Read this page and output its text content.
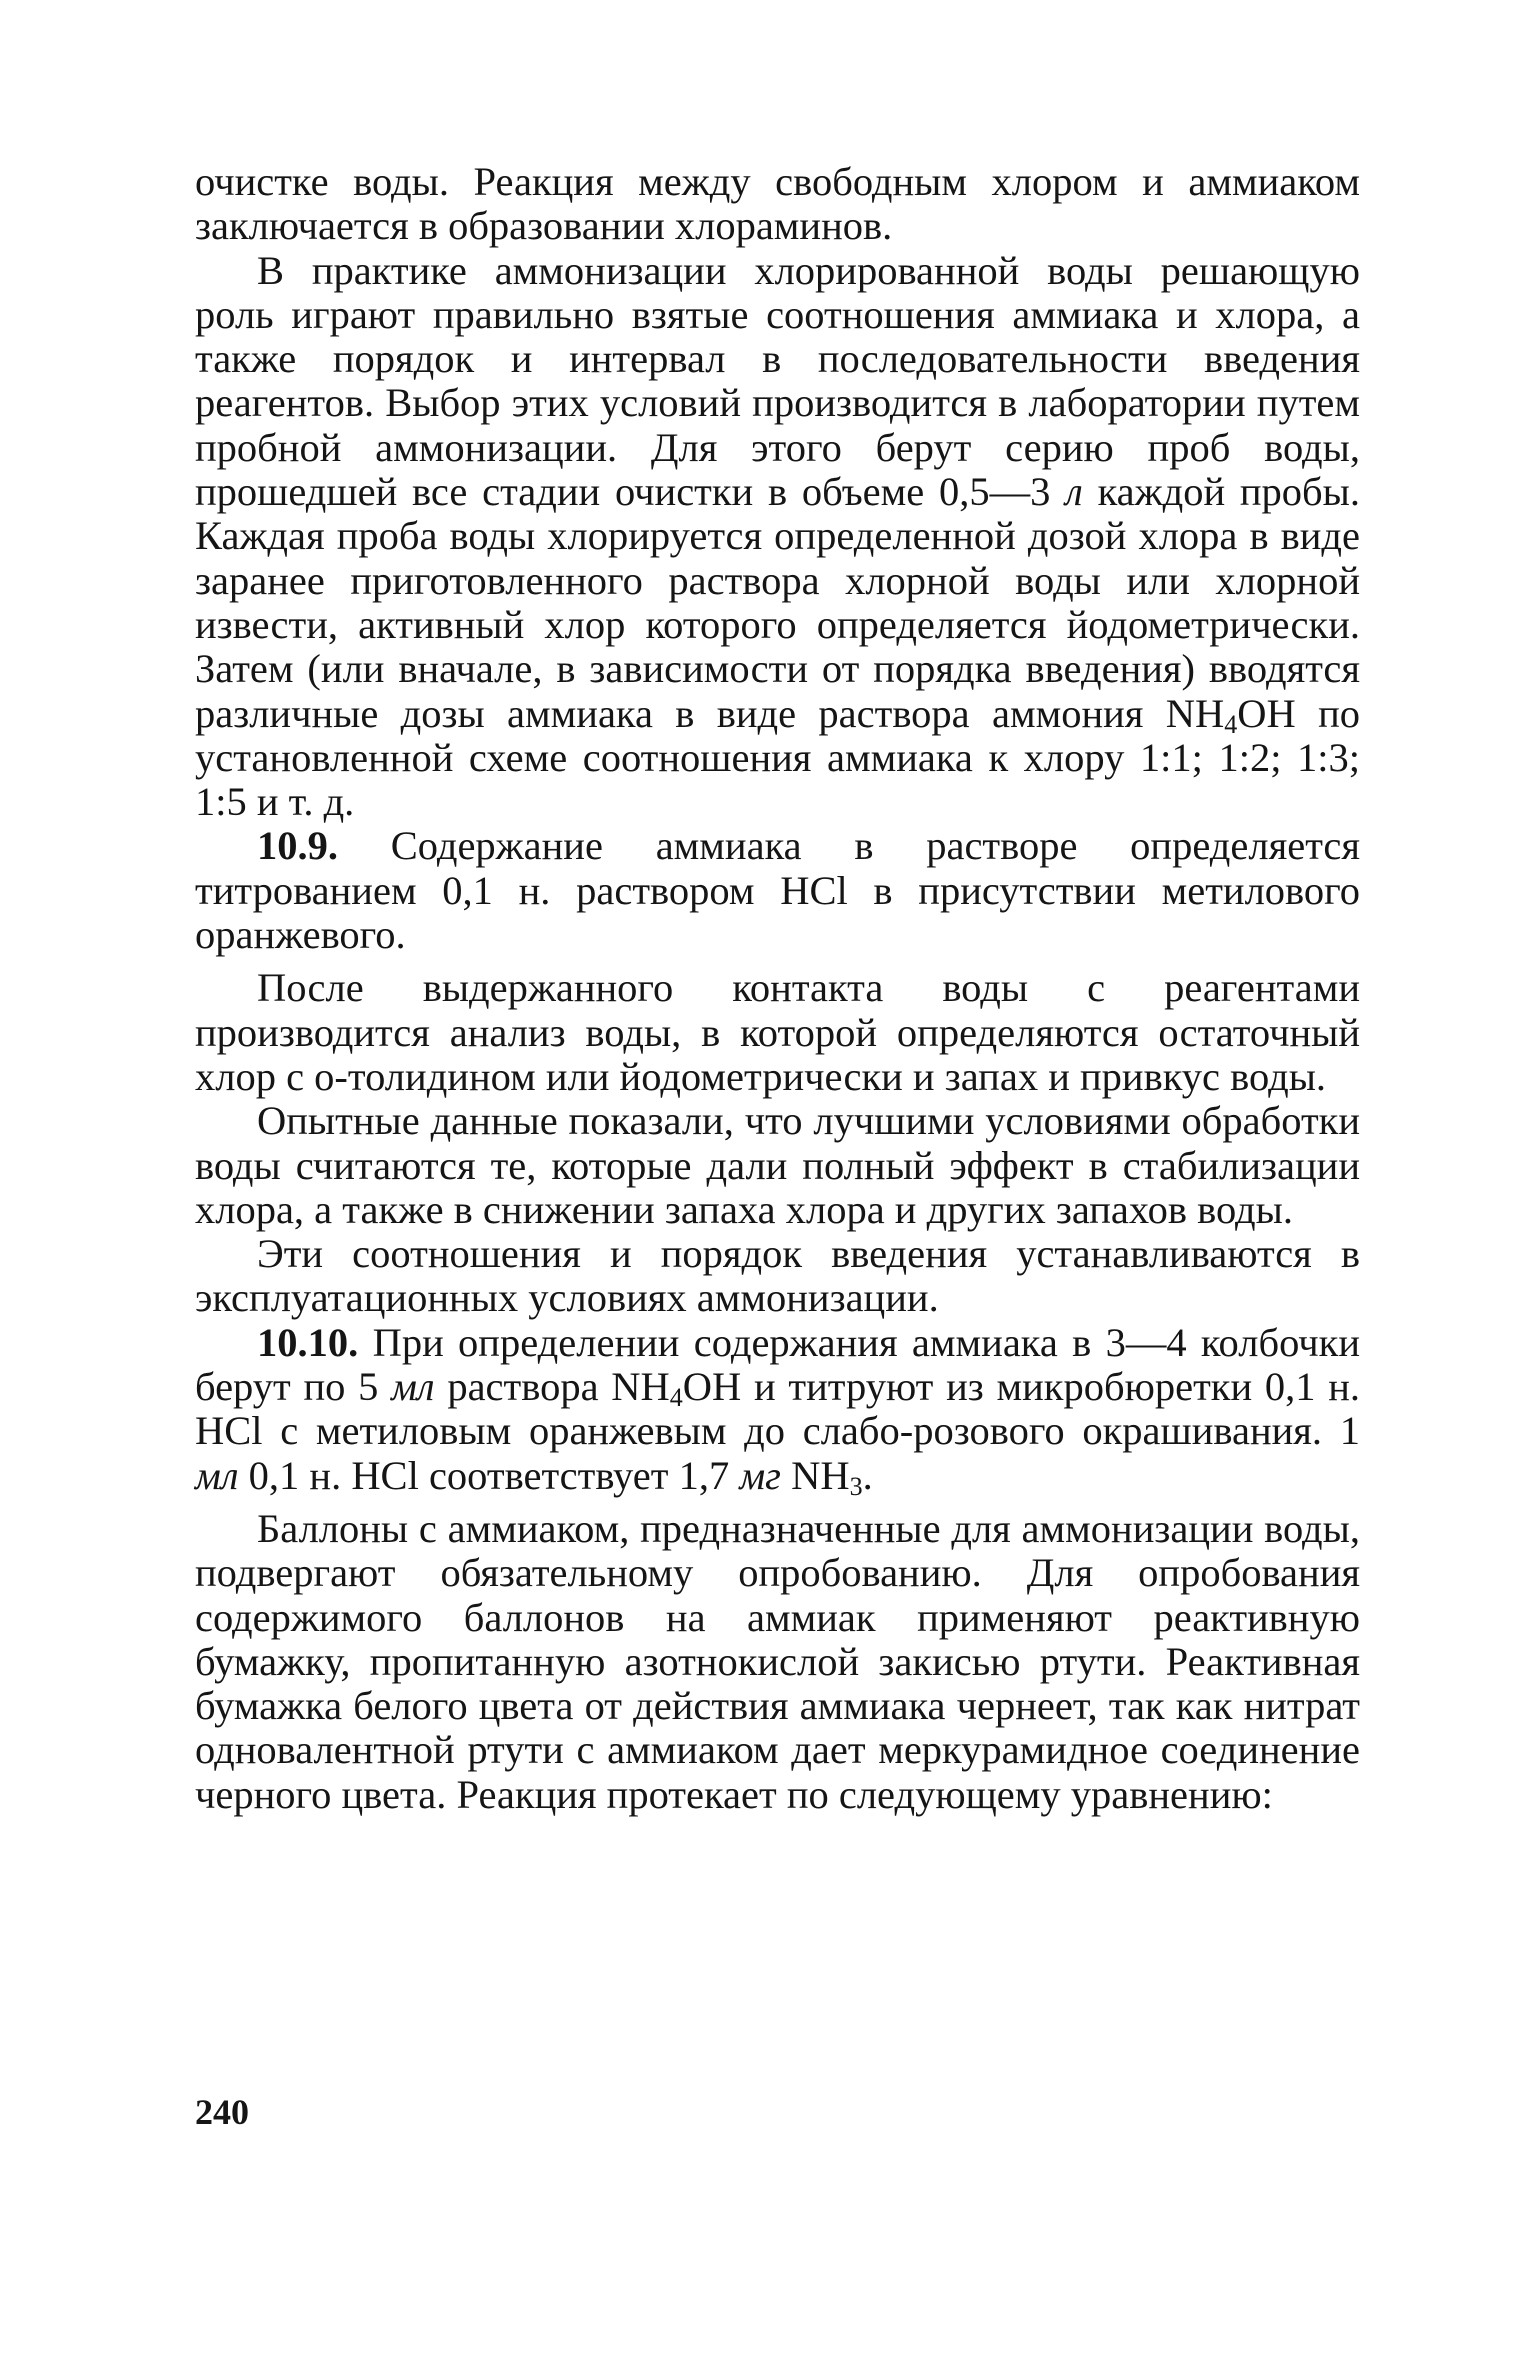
очистке воды. Реакция между свободным хлором и аммиаком заключается в образовании хлораминов.

В практике аммонизации хлорированной воды решающую роль играют правильно взятые соотношения аммиака и хлора, а также порядок и интервал в последовательности введения реагентов. Выбор этих условий производится в лаборатории путем пробной аммонизации. Для этого берут серию проб воды, прошедшей все стадии очистки в объеме 0,5—3 л каждой пробы. Каждая проба воды хлорируется определенной дозой хлора в виде заранее приготовленного раствора хлорной воды или хлорной извести, активный хлор которого определяется йодометрически. Затем (или вначале, в зависимости от порядка введения) вводятся различные дозы аммиака в виде раствора аммония $NH_4OH$ по установленной схеме соотношения аммиака к хлору 1:1; 1:2; 1:3; 1:5 и т. д.

10.9. Содержание аммиака в растворе определяется титрованием 0,1 н. раствором HCl в присутствии метилового оранжевого.

После выдержанного контакта воды с реагентами производится анализ воды, в которой определяются остаточный хлор с о-толидином или йодометрически и запах и привкус воды.

Опытные данные показали, что лучшими условиями обработки воды считаются те, которые дали полный эффект в стабилизации хлора, а также в снижении запаха хлора и других запахов воды.

Эти соотношения и порядок введения устанавливаются в эксплуатационных условиях аммонизации.

10.10. При определении содержания аммиака в 3—4 колбочки берут по 5 мл раствора $NH_4OH$ и титруют из микробюретки 0,1 н. HCl с метиловым оранжевым до слабо-розового окрашивания. 1 мл 0,1 н. HCl соответствует 1,7 мг $NH_3$.

Баллоны с аммиаком, предназначенные для аммонизации воды, подвергают обязательному опробованию. Для опробования содержимого баллонов на аммиак применяют реактивную бумажку, пропитанную азотнокислой закисью ртути. Реактивная бумажка белого цвета от действия аммиака чернеет, так как нитрат одновалентной ртути с аммиаком дает меркурамидное соединение черного цвета. Реакция протекает по следующему уравнению:

240
